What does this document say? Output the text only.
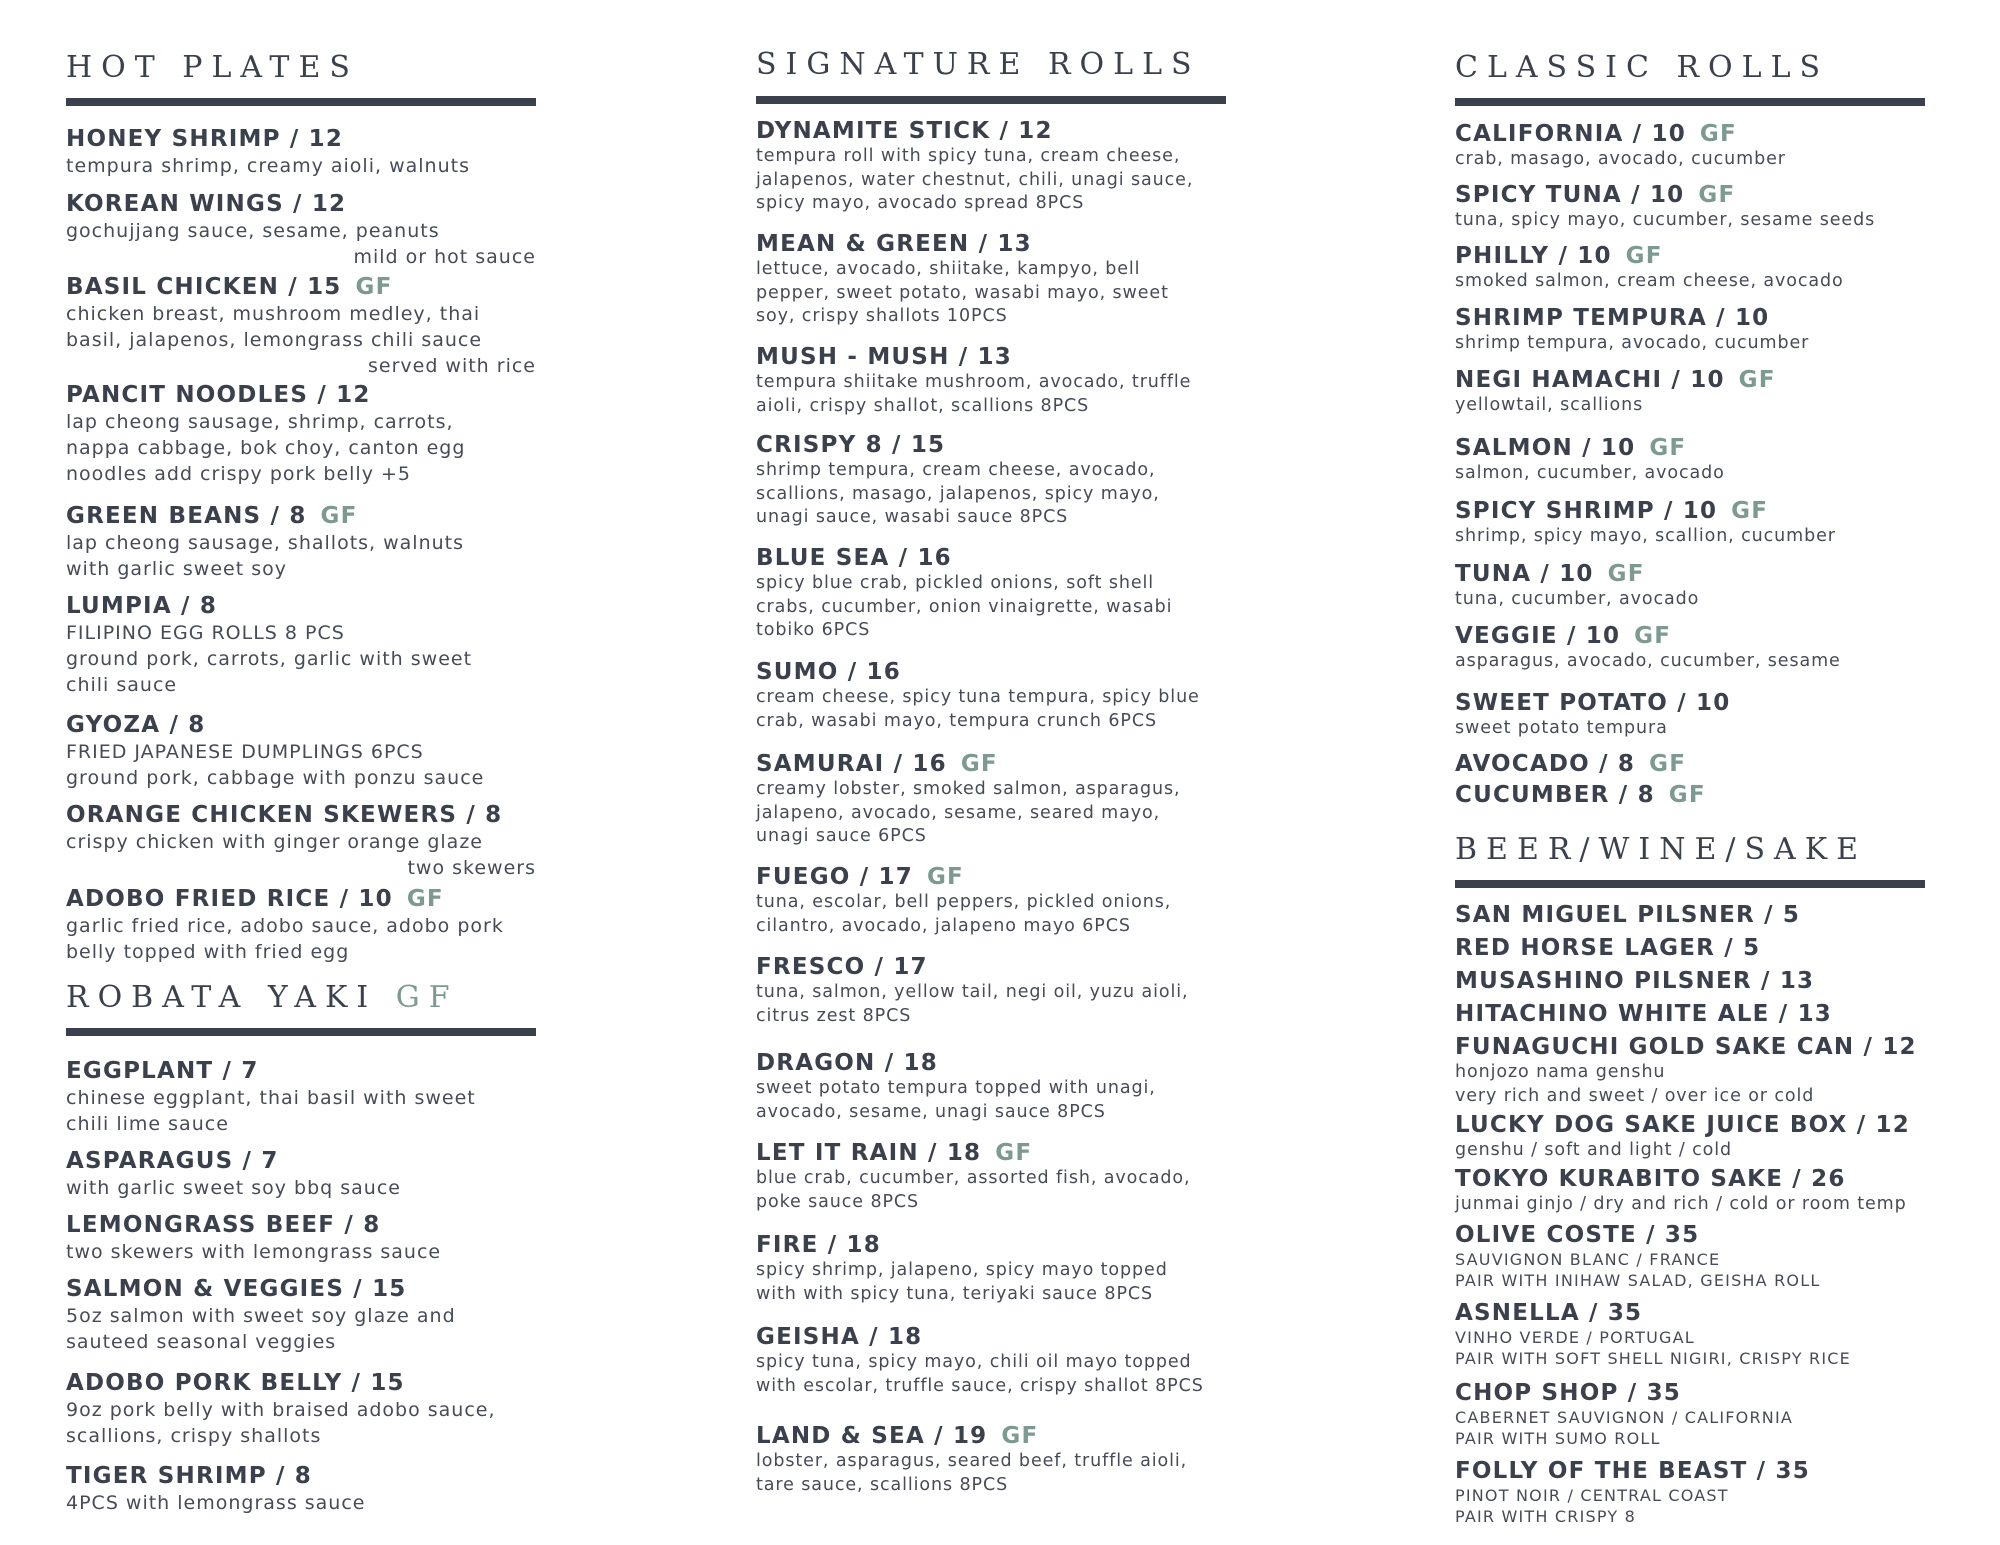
HOT PLATES
HONEY SHRIMP / 12
tempura shrimp, creamy aioli, walnuts
KOREAN WINGS / 12
gochujjang sauce, sesame, peanuts
mild or hot sauce
BASIL CHICKEN / 15 GF
chicken breast, mushroom medley, thai
basil, jalapenos, lemongrass chili sauce
served with rice
PANCIT NOODLES / 12
lap cheong sausage, shrimp, carrots,
nappa cabbage, bok choy, canton egg
noodles add crispy pork belly +5
GREEN BEANS / 8 GF
lap cheong sausage, shallots, walnuts
with garlic sweet soy
LUMPIA / 8
FILIPINO EGG ROLLS 8 PCS
ground pork, carrots, garlic with sweet
chili sauce
GYOZA / 8
FRIED JAPANESE DUMPLINGS 6PCS
ground pork, cabbage with ponzu sauce
ORANGE CHICKEN SKEWERS / 8
crispy chicken with ginger orange glaze
two skewers
ADOBO FRIED RICE / 10 GF
garlic fried rice, adobo sauce, adobo pork
belly topped with fried egg
ROBATA YAKI GF
EGGPLANT / 7
chinese eggplant, thai basil with sweet
chili lime sauce
ASPARAGUS / 7
with garlic sweet soy bbq sauce
LEMONGRASS BEEF / 8
two skewers with lemongrass sauce
SALMON & VEGGIES / 15
5oz salmon with sweet soy glaze and
sauteed seasonal veggies
ADOBO PORK BELLY / 15
9oz pork belly with braised adobo sauce,
scallions, crispy shallots
TIGER SHRIMP / 8
4PCS with lemongrass sauce
SIGNATURE ROLLS
DYNAMITE STICK / 12
tempura roll with spicy tuna, cream cheese,
jalapenos, water chestnut, chili, unagi sauce,
spicy mayo, avocado spread 8PCS
MEAN & GREEN / 13
lettuce, avocado, shiitake, kampyo, bell
pepper, sweet potato, wasabi mayo, sweet
soy, crispy shallots 10PCS
MUSH - MUSH / 13
tempura shiitake mushroom, avocado, truffle
aioli, crispy shallot, scallions 8PCS
CRISPY 8 / 15
shrimp tempura, cream cheese, avocado,
scallions, masago, jalapenos, spicy mayo,
unagi sauce, wasabi sauce 8PCS
BLUE SEA / 16
spicy blue crab, pickled onions, soft shell
crabs, cucumber, onion vinaigrette, wasabi
tobiko 6PCS
SUMO / 16
cream cheese, spicy tuna tempura, spicy blue
crab, wasabi mayo, tempura crunch 6PCS
SAMURAI / 16 GF
creamy lobster, smoked salmon, asparagus,
jalapeno, avocado, sesame, seared mayo,
unagi sauce 6PCS
FUEGO / 17 GF
tuna, escolar, bell peppers, pickled onions,
cilantro, avocado, jalapeno mayo 6PCS
FRESCO / 17
tuna, salmon, yellow tail, negi oil, yuzu aioli,
citrus zest 8PCS
DRAGON / 18
sweet potato tempura topped with unagi,
avocado, sesame, unagi sauce 8PCS
LET IT RAIN / 18 GF
blue crab, cucumber, assorted fish, avocado,
poke sauce 8PCS
FIRE / 18
spicy shrimp, jalapeno, spicy mayo topped
with with spicy tuna, teriyaki sauce 8PCS
GEISHA / 18
spicy tuna, spicy mayo, chili oil mayo topped
with escolar, truffle sauce, crispy shallot 8PCS
LAND & SEA / 19 GF
lobster, asparagus, seared beef, truffle aioli,
tare sauce, scallions 8PCS
CLASSIC ROLLS
CALIFORNIA / 10 GF
crab, masago, avocado, cucumber
SPICY TUNA / 10 GF
tuna, spicy mayo, cucumber, sesame seeds
PHILLY / 10 GF
smoked salmon, cream cheese, avocado
SHRIMP TEMPURA / 10
shrimp tempura, avocado, cucumber
NEGI HAMACHI / 10 GF
yellowtail, scallions
SALMON / 10 GF
salmon, cucumber, avocado
SPICY SHRIMP / 10 GF
shrimp, spicy mayo, scallion, cucumber
TUNA / 10 GF
tuna, cucumber, avocado
VEGGIE / 10 GF
asparagus, avocado, cucumber, sesame
SWEET POTATO / 10
sweet potato tempura
AVOCADO / 8 GF
CUCUMBER / 8 GF
BEER/WINE/SAKE
SAN MIGUEL PILSNER / 5
RED HORSE LAGER / 5
MUSASHINO PILSNER / 13
HITACHINO WHITE ALE / 13
FUNAGUCHI GOLD SAKE CAN / 12
honjozo nama genshu
very rich and sweet / over ice or cold
LUCKY DOG SAKE JUICE BOX / 12
genshu / soft and light / cold
TOKYO KURABITO SAKE / 26
junmai ginjo / dry and rich / cold or room temp
OLIVE COSTE / 35
SAUVIGNON BLANC / FRANCE
PAIR WITH INIHAW SALAD, GEISHA ROLL
ASNELLA / 35
VINHO VERDE / PORTUGAL
PAIR WITH SOFT SHELL NIGIRI, CRISPY RICE
CHOP SHOP / 35
CABERNET SAUVIGNON / CALIFORNIA
PAIR WITH SUMO ROLL
FOLLY OF THE BEAST / 35
PINOT NOIR / CENTRAL COAST
PAIR WITH CRISPY 8
